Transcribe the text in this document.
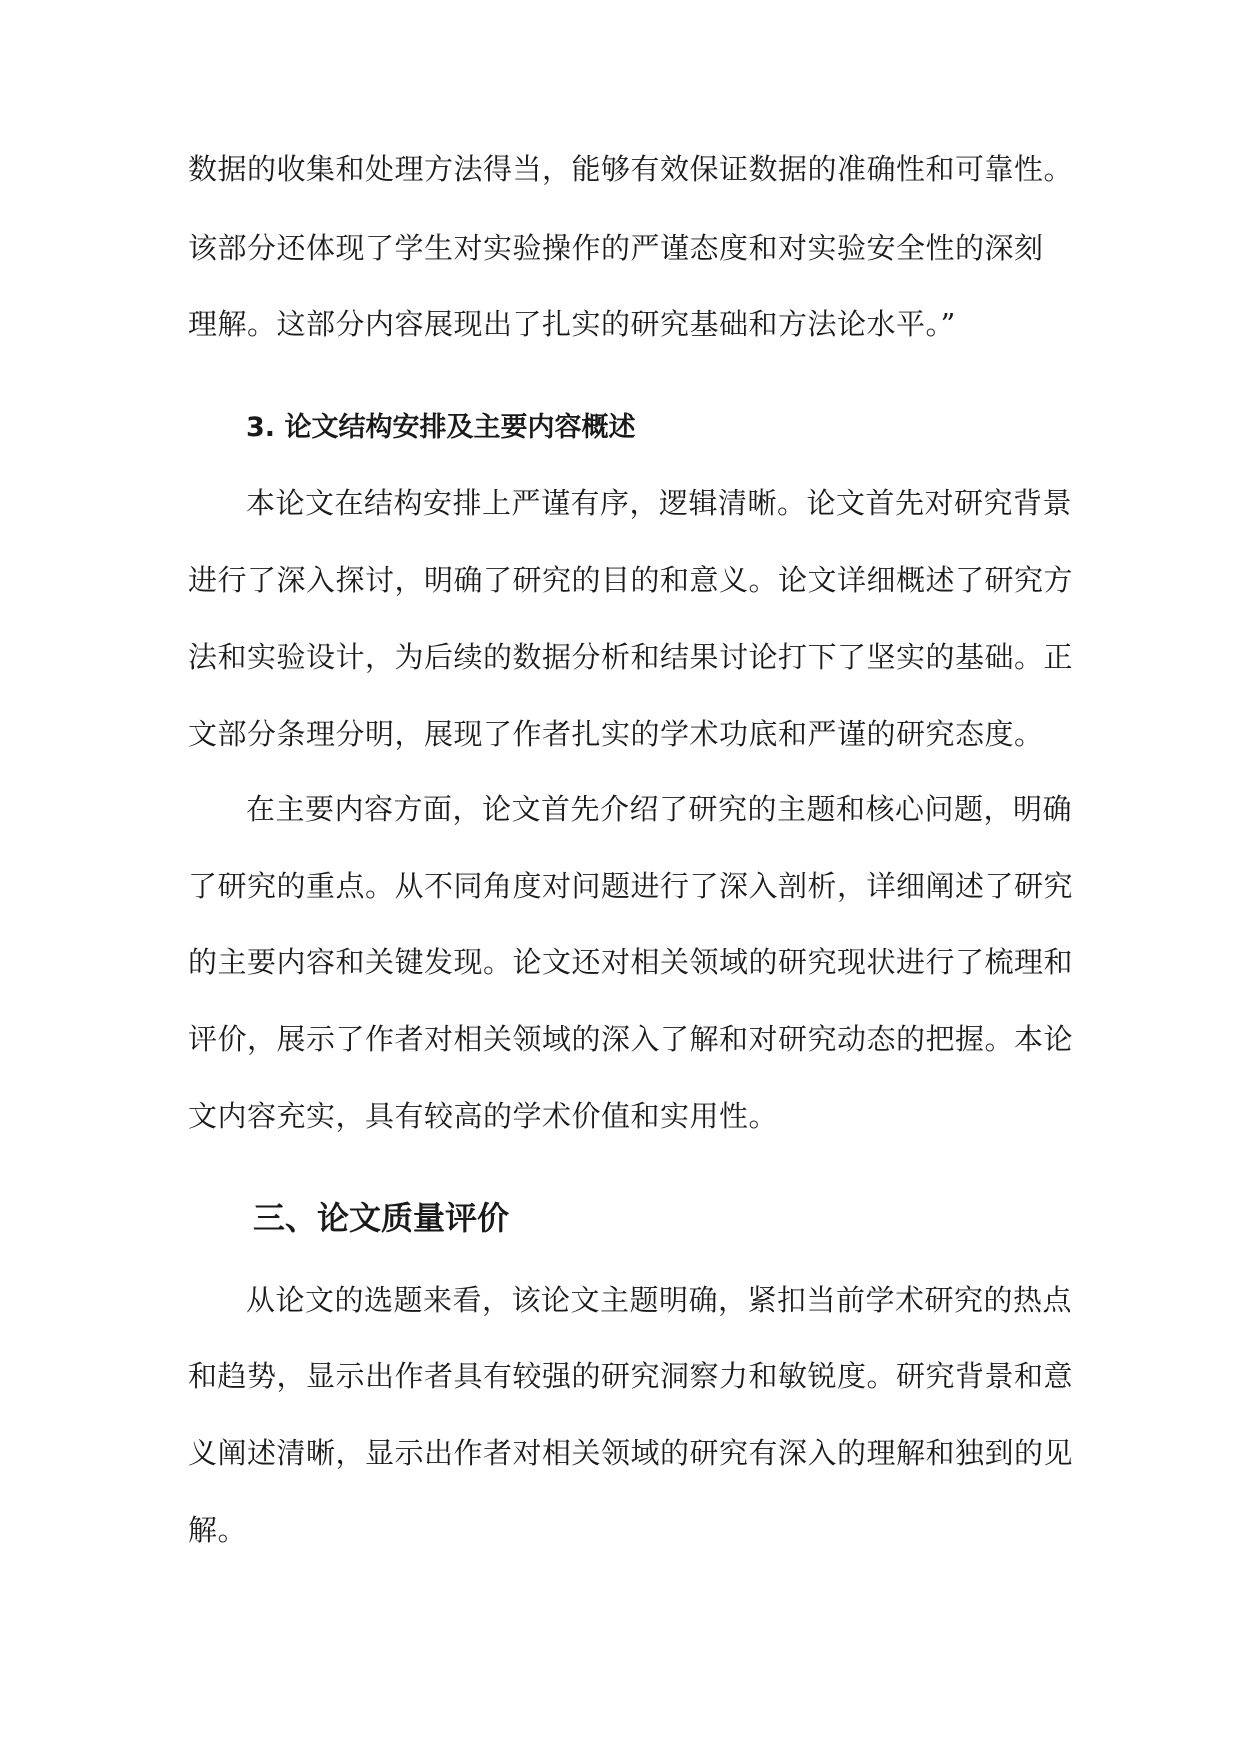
数据的收集和处理方法得当，能够有效保证数据的准确性和可靠性。
该部分还体现了学生对实验操作的严谨态度和对实验安全性的深刻
理解。这部分内容展现出了扎实的研究基础和方法论水平。”
3. 论文结构安排及主要内容概述
本论文在结构安排上严谨有序，逻辑清晰。论文首先对研究背景
进行了深入探讨，明确了研究的目的和意义。论文详细概述了研究方
法和实验设计，为后续的数据分析和结果讨论打下了坚实的基础。正
文部分条理分明，展现了作者扎实的学术功底和严谨的研究态度。
在主要内容方面，论文首先介绍了研究的主题和核心问题，明确
了研究的重点。从不同角度对问题进行了深入剖析，详细阐述了研究
的主要内容和关键发现。论文还对相关领域的研究现状进行了梳理和
评价，展示了作者对相关领域的深入了解和对研究动态的把握。本论
文内容充实，具有较高的学术价值和实用性。
三、论文质量评价
从论文的选题来看，该论文主题明确，紧扣当前学术研究的热点
和趋势，显示出作者具有较强的研究洞察力和敏锐度。研究背景和意
义阐述清晰，显示出作者对相关领域的研究有深入的理解和独到的见
解。
